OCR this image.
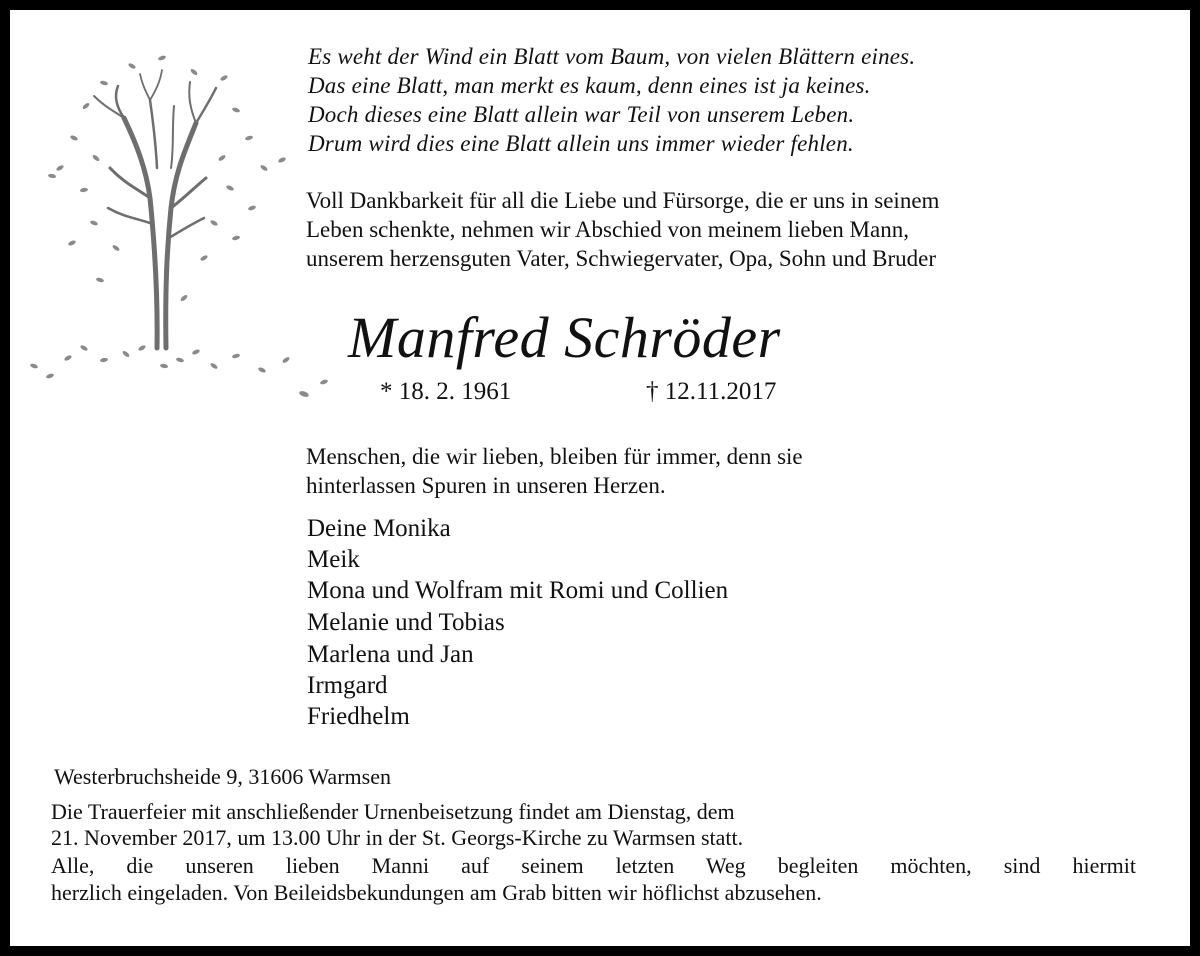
Es weht der Wind ein Blatt vom Baum, von vielen Blättern eines.
Das eine Blatt, man merkt es kaum, denn eines ist ja keines.
Doch dieses eine Blatt allein war Teil von unserem Leben.
Drum wird dies eine Blatt allein uns immer wieder fehlen.
Voll Dankbarkeit für all die Liebe und Fürsorge, die er uns in seinem
Leben schenkte, nehmen wir Abschied von meinem lieben Mann,
unserem herzensguten Vater, Schwiegervater, Opa, Sohn und Bruder
Manfred Schröder
* 18. 2. 1961	† 12.11.2017
Menschen, die wir lieben, bleiben für immer, denn sie
hinterlassen Spuren in unseren Herzen.
Deine Monika
Meik
Mona und Wolfram mit Romi und Collien
Melanie und Tobias
Marlena und Jan
Irmgard
Friedhelm
Westerbruchsheide 9, 31606 Warmsen
Die Trauerfeier mit anschließender Urnenbeisetzung findet am Dienstag, dem
21. November 2017, um 13.00 Uhr in der St. Georgs-Kirche zu Warmsen statt.
Alle, die unseren lieben Manni auf seinem letzten Weg begleiten möchten, sind hiermit
herzlich eingeladen. Von Beileidsbekundungen am Grab bitten wir höflichst abzusehen.
